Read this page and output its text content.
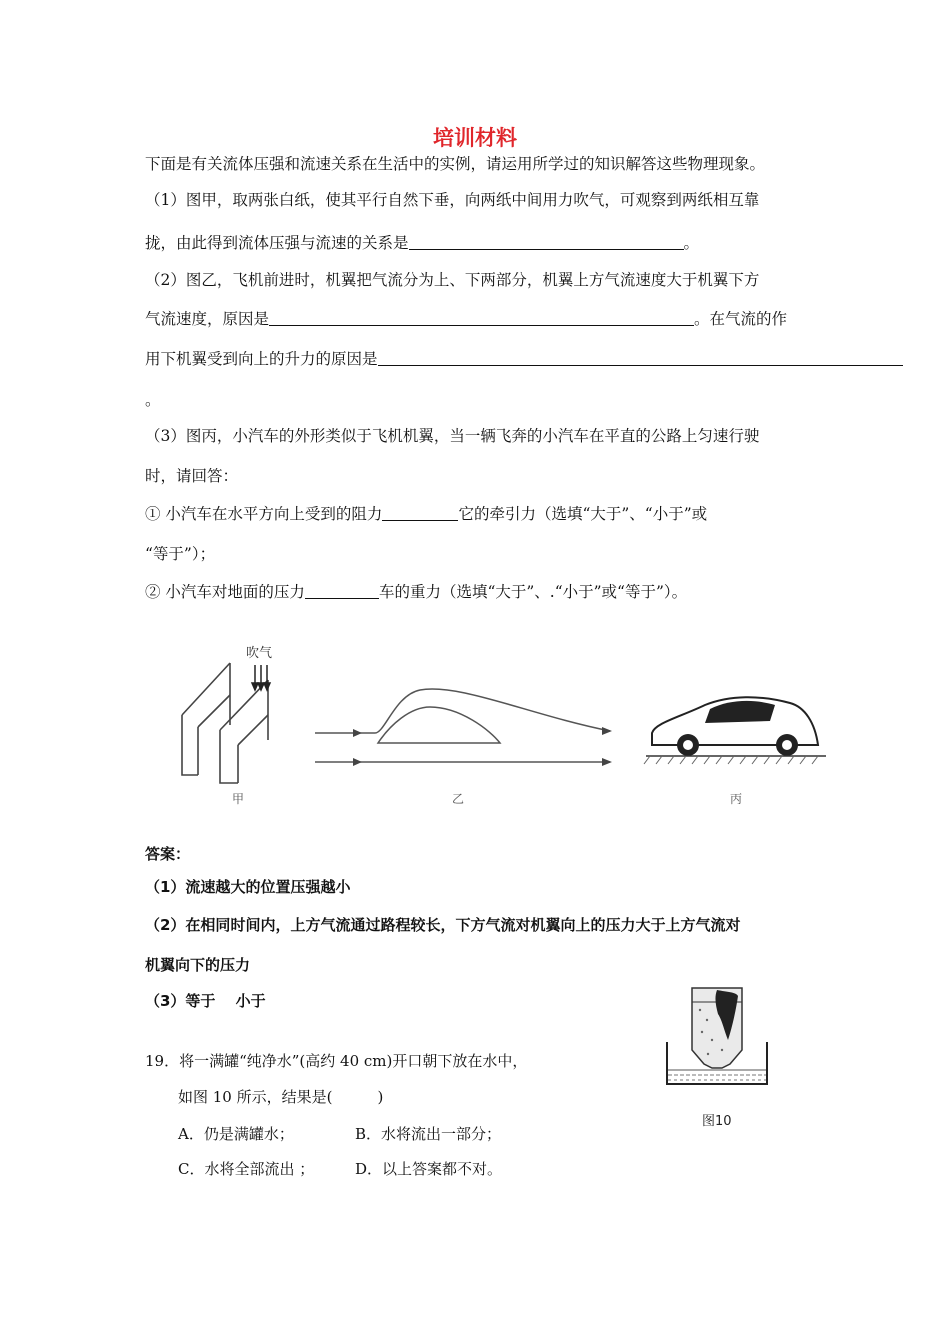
培训材料
下面是有关流体压强和流速关系在生活中的实例，请运用所学过的知识解答这些物理现象。
（1）图甲，取两张白纸，使其平行自然下垂，向两纸中间用力吹气，可观察到两纸相互靠
拢，由此得到流体压强与流速的关系是	。
（2）图乙，飞机前进时，机翼把气流分为上、下两部分，机翼上方气流速度大于机翼下方
气流速度，原因是	。在气流的作
用下机翼受到向上的升力的原因是
。
（3）图丙，小汽车的外形类似于飞机机翼，当一辆飞奔的小汽车在平直的公路上匀速行驶
时，请回答：
① 小汽车在水平方向上受到的阻力	它的牵引力（选填“大于”、“小于”或
“等于”）；
② 小汽车对地面的压力	车的重力（选填“大于”、.“小于”或“等于”）。
吹气
甲	乙	丙
答案：
（1）流速越大的位置压强越小
（2）在相同时间内，上方气流通过路程较长，下方气流对机翼向上的压力大于上方气流对
机翼向下的压力
（3）等于　 小于
19．将一满罐“纯净水”(高约 40 cm)开口朝下放在水中，
如图 10 所示，结果是(　　　)
A．仍是满罐水；	B．水将流出一部分；
C．水将全部流出 ；	D．以上答案都不对。
图10
